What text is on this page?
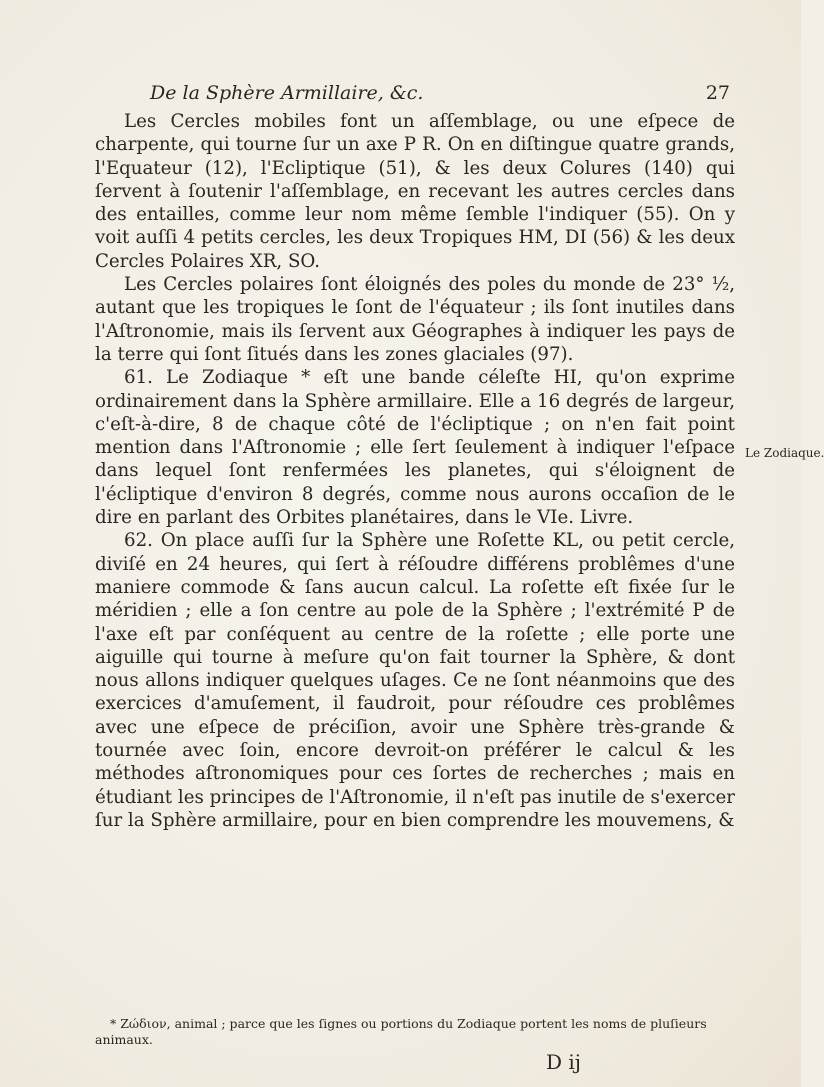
De la Sphère Armillaire, &c.	27

Les Cercles mobiles font un aſſemblage, ou une eſpece de charpente, qui tourne ſur un axe P R. On en diſtingue quatre grands, l'Equateur (12), l'Ecliptique (51), & les deux Colures (140) qui ſervent à ſoutenir l'aſſemblage, en recevant les autres cercles dans des entailles, comme leur nom même ſemble l'indiquer (55). On y voit auſſi 4 petits cercles, les deux Tropiques HM, DI (56) & les deux Cercles Polaires XR, SO.

Les Cercles polaires ſont éloignés des poles du monde de 23° ½, autant que les tropiques le ſont de l'équateur ; ils ſont inutiles dans l'Aſtronomie, mais ils ſervent aux Géographes à indiquer les pays de la terre qui ſont ſitués dans les zones glaciales (97).

61. Le Zodiaque * eſt une bande céleſte HI, qu'on exprime ordinairement dans la Sphère armillaire. Elle a 16 degrés de largeur, c'eſt-à-dire, 8 de chaque côté de l'écliptique ; on n'en fait point mention dans l'Aſtronomie ; elle ſert ſeulement à indiquer l'eſpace dans lequel ſont renfermées les planetes, qui s'éloignent de l'écliptique d'environ 8 degrés, comme nous aurons occaſion de le dire en parlant des Orbites planétaires, dans le VIe. Livre.

62. On place auſſi ſur la Sphère une Roſette KL, ou petit cercle, diviſé en 24 heures, qui ſert à réſoudre différens problêmes d'une maniere commode & ſans aucun calcul. La roſette eſt fixée ſur le méridien ; elle a ſon centre au pole de la Sphère ; l'extrémité P de l'axe eſt par conſéquent au centre de la roſette ; elle porte une aiguille qui tourne à meſure qu'on fait tourner la Sphère, & dont nous allons indiquer quelques uſages. Ce ne ſont néanmoins que des exercices d'amuſement, il faudroit, pour réſoudre ces problêmes avec une eſpece de préciſion, avoir une Sphère très-grande & tournée avec ſoin, encore devroit-on préférer le calcul & les méthodes aſtronomiques pour ces ſortes de recherches ; mais en étudiant les principes de l'Aſtronomie, il n'eſt pas inutile de s'exercer ſur la Sphère armillaire, pour en bien comprendre les mouvemens, &

Le Zodiaque.

* Ζώδιον, animal ; parce que les ſignes ou portions du Zodiaque portent les noms de pluſieurs animaux.

D ij
